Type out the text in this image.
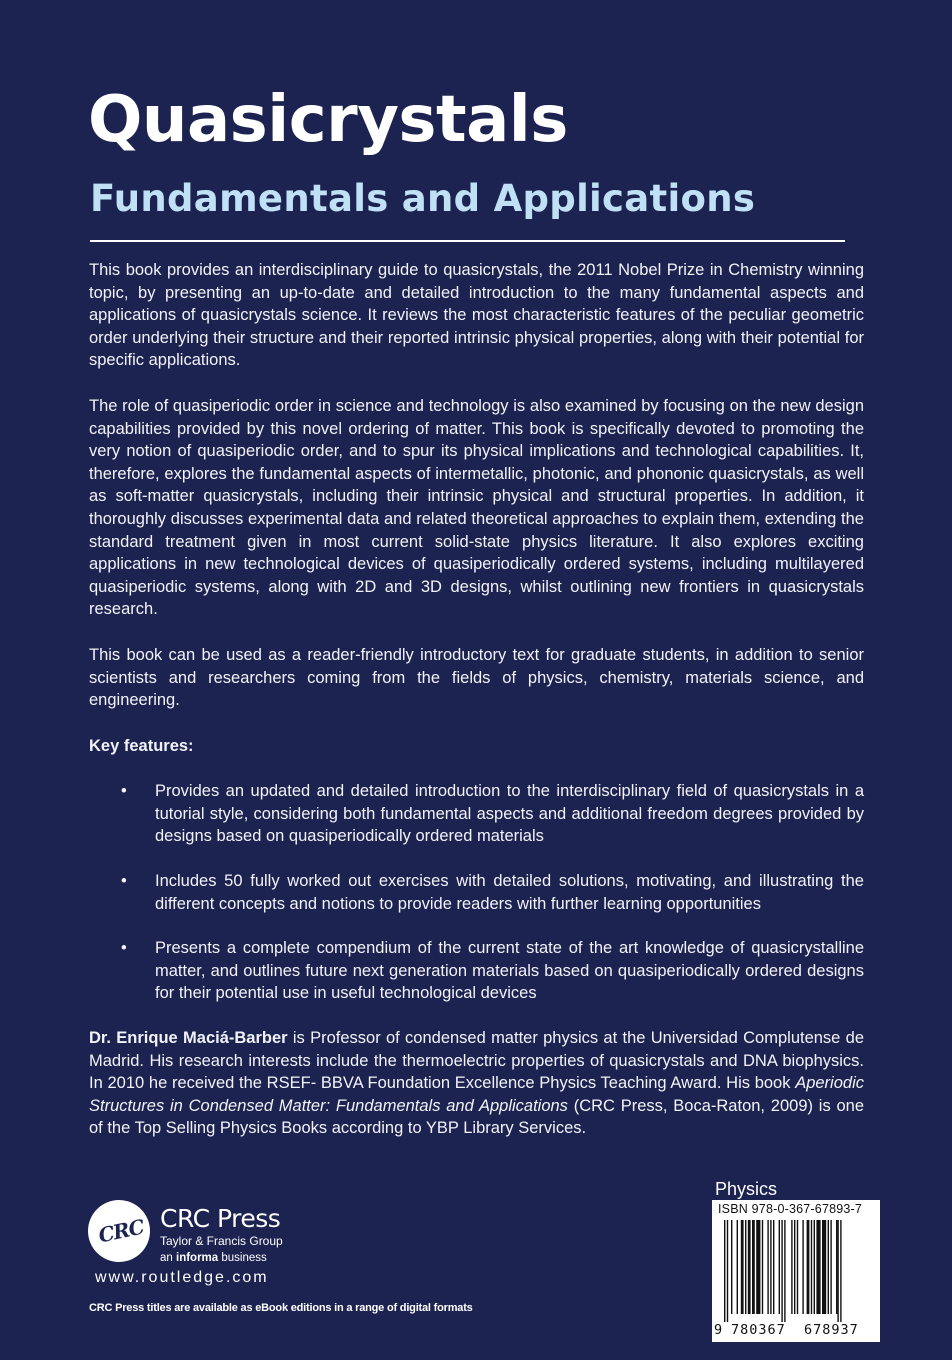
Quasicrystals
Fundamentals and Applications

This book provides an interdisciplinary guide to quasicrystals, the 2011 Nobel Prize in Chemistry winning topic, by presenting an up-to-date and detailed introduction to the many fundamental aspects and applications of quasicrystals science. It reviews the most characteristic features of the peculiar geometric order underlying their structure and their reported intrinsic physical properties, along with their potential for specific applications.

The role of quasiperiodic order in science and technology is also examined by focusing on the new design capabilities provided by this novel ordering of matter. This book is specifically devoted to promoting the very notion of quasiperiodic order, and to spur its physical implications and technological capabilities. It, therefore, explores the fundamental aspects of intermetallic, photonic, and phononic quasicrystals, as well as soft-matter quasicrystals, including their intrinsic physical and structural properties. In addition, it thoroughly discusses experimental data and related theoretical approaches to explain them, extending the standard treatment given in most current solid-state physics literature. It also explores exciting applications in new technological devices of quasiperiodically ordered systems, including multilayered quasiperiodic systems, along with 2D and 3D designs, whilst outlining new frontiers in quasicrystals research.

This book can be used as a reader-friendly introductory text for graduate students, in addition to senior scientists and researchers coming from the fields of physics, chemistry, materials science, and engineering.

Key features:

• Provides an updated and detailed introduction to the interdisciplinary field of quasicrystals in a tutorial style, considering both fundamental aspects and additional freedom degrees provided by designs based on quasiperiodically ordered materials
• Includes 50 fully worked out exercises with detailed solutions, motivating, and illustrating the different concepts and notions to provide readers with further learning opportunities
• Presents a complete compendium of the current state of the art knowledge of quasicrystalline matter, and outlines future next generation materials based on quasiperiodically ordered designs for their potential use in useful technological devices

Dr. Enrique Maciá-Barber is Professor of condensed matter physics at the Universidad Complutense de Madrid. His research interests include the thermoelectric properties of quasicrystals and DNA biophysics. In 2010 he received the RSEF- BBVA Foundation Excellence Physics Teaching Award. His book Aperiodic Structures in Condensed Matter: Fundamentals and Applications (CRC Press, Boca-Raton, 2009) is one of the Top Selling Physics Books according to YBP Library Services.

CRC CRC Press
Taylor & Francis Group
an informa business
www.routledge.com
CRC Press titles are available as eBook editions in a range of digital formats
Physics
ISBN 978-0-367-67893-7
9 780367 678937
